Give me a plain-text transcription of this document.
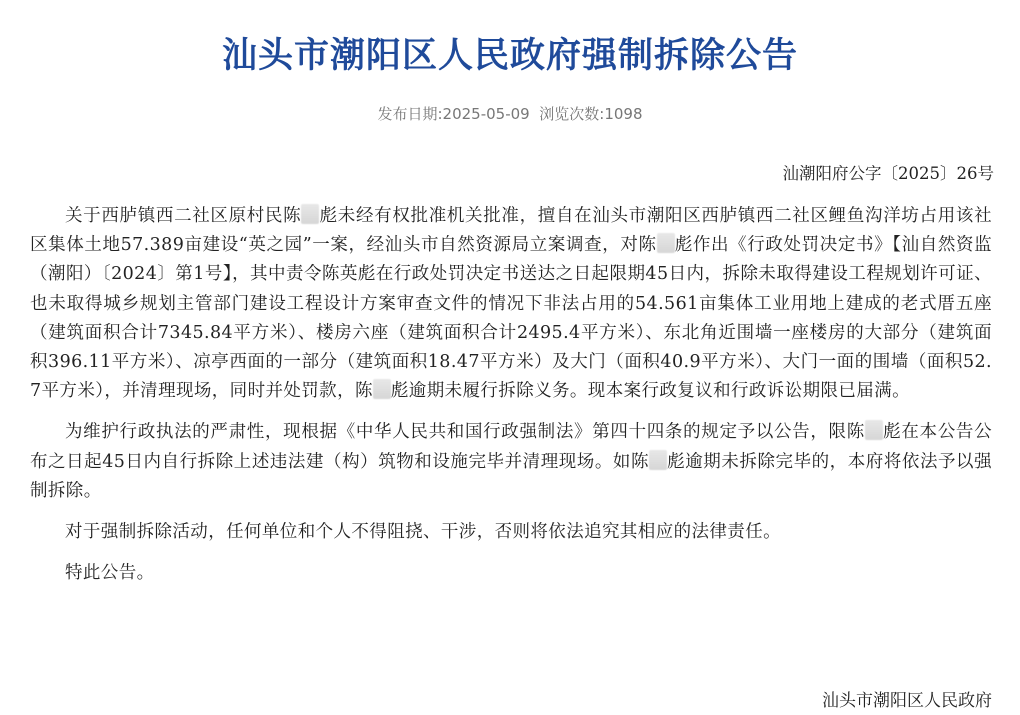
汕头市潮阳区人民政府强制拆除公告
发布日期:2025-05-09 浏览次数:1098
汕潮阳府公字〔2025〕26号

关于西胪镇西二社区原村民陈 彪未经有权批准机关批准，擅自在汕头市潮阳区西胪镇西二社区鲤鱼沟洋坊占用该社区集体土地57.389亩建设“英之园”一案，经汕头市自然资源局立案调查，对陈 彪作出《行政处罚决定书》【汕自然资监（潮阳）〔2024〕第1号】，其中责令陈英彪在行政处罚决定书送达之日起限期45日内，拆除未取得建设工程规划许可证、也未取得城乡规划主管部门建设工程设计方案审查文件的情况下非法占用的54.561亩集体工业用地上建成的老式厝五座（建筑面积合计7345.84平方米）、楼房六座（建筑面积合计2495.4平方米）、东北角近围墙一座楼房的大部分（建筑面积396.11平方米）、凉亭西面的一部分（建筑面积18.47平方米）及大门（面积40.9平方米）、大门一面的围墙（面积52.7平方米），并清理现场，同时并处罚款，陈 彪逾期未履行拆除义务。现本案行政复议和行政诉讼期限已届满。

为维护行政执法的严肃性，现根据《中华人民共和国行政强制法》第四十四条的规定予以公告，限陈 彪在本公告公布之日起45日内自行拆除上述违法建（构）筑物和设施完毕并清理现场。如陈 彪逾期未拆除完毕的，本府将依法予以强制拆除。

对于强制拆除活动，任何单位和个人不得阻挠、干涉，否则将依法追究其相应的法律责任。

特此公告。

汕头市潮阳区人民政府
